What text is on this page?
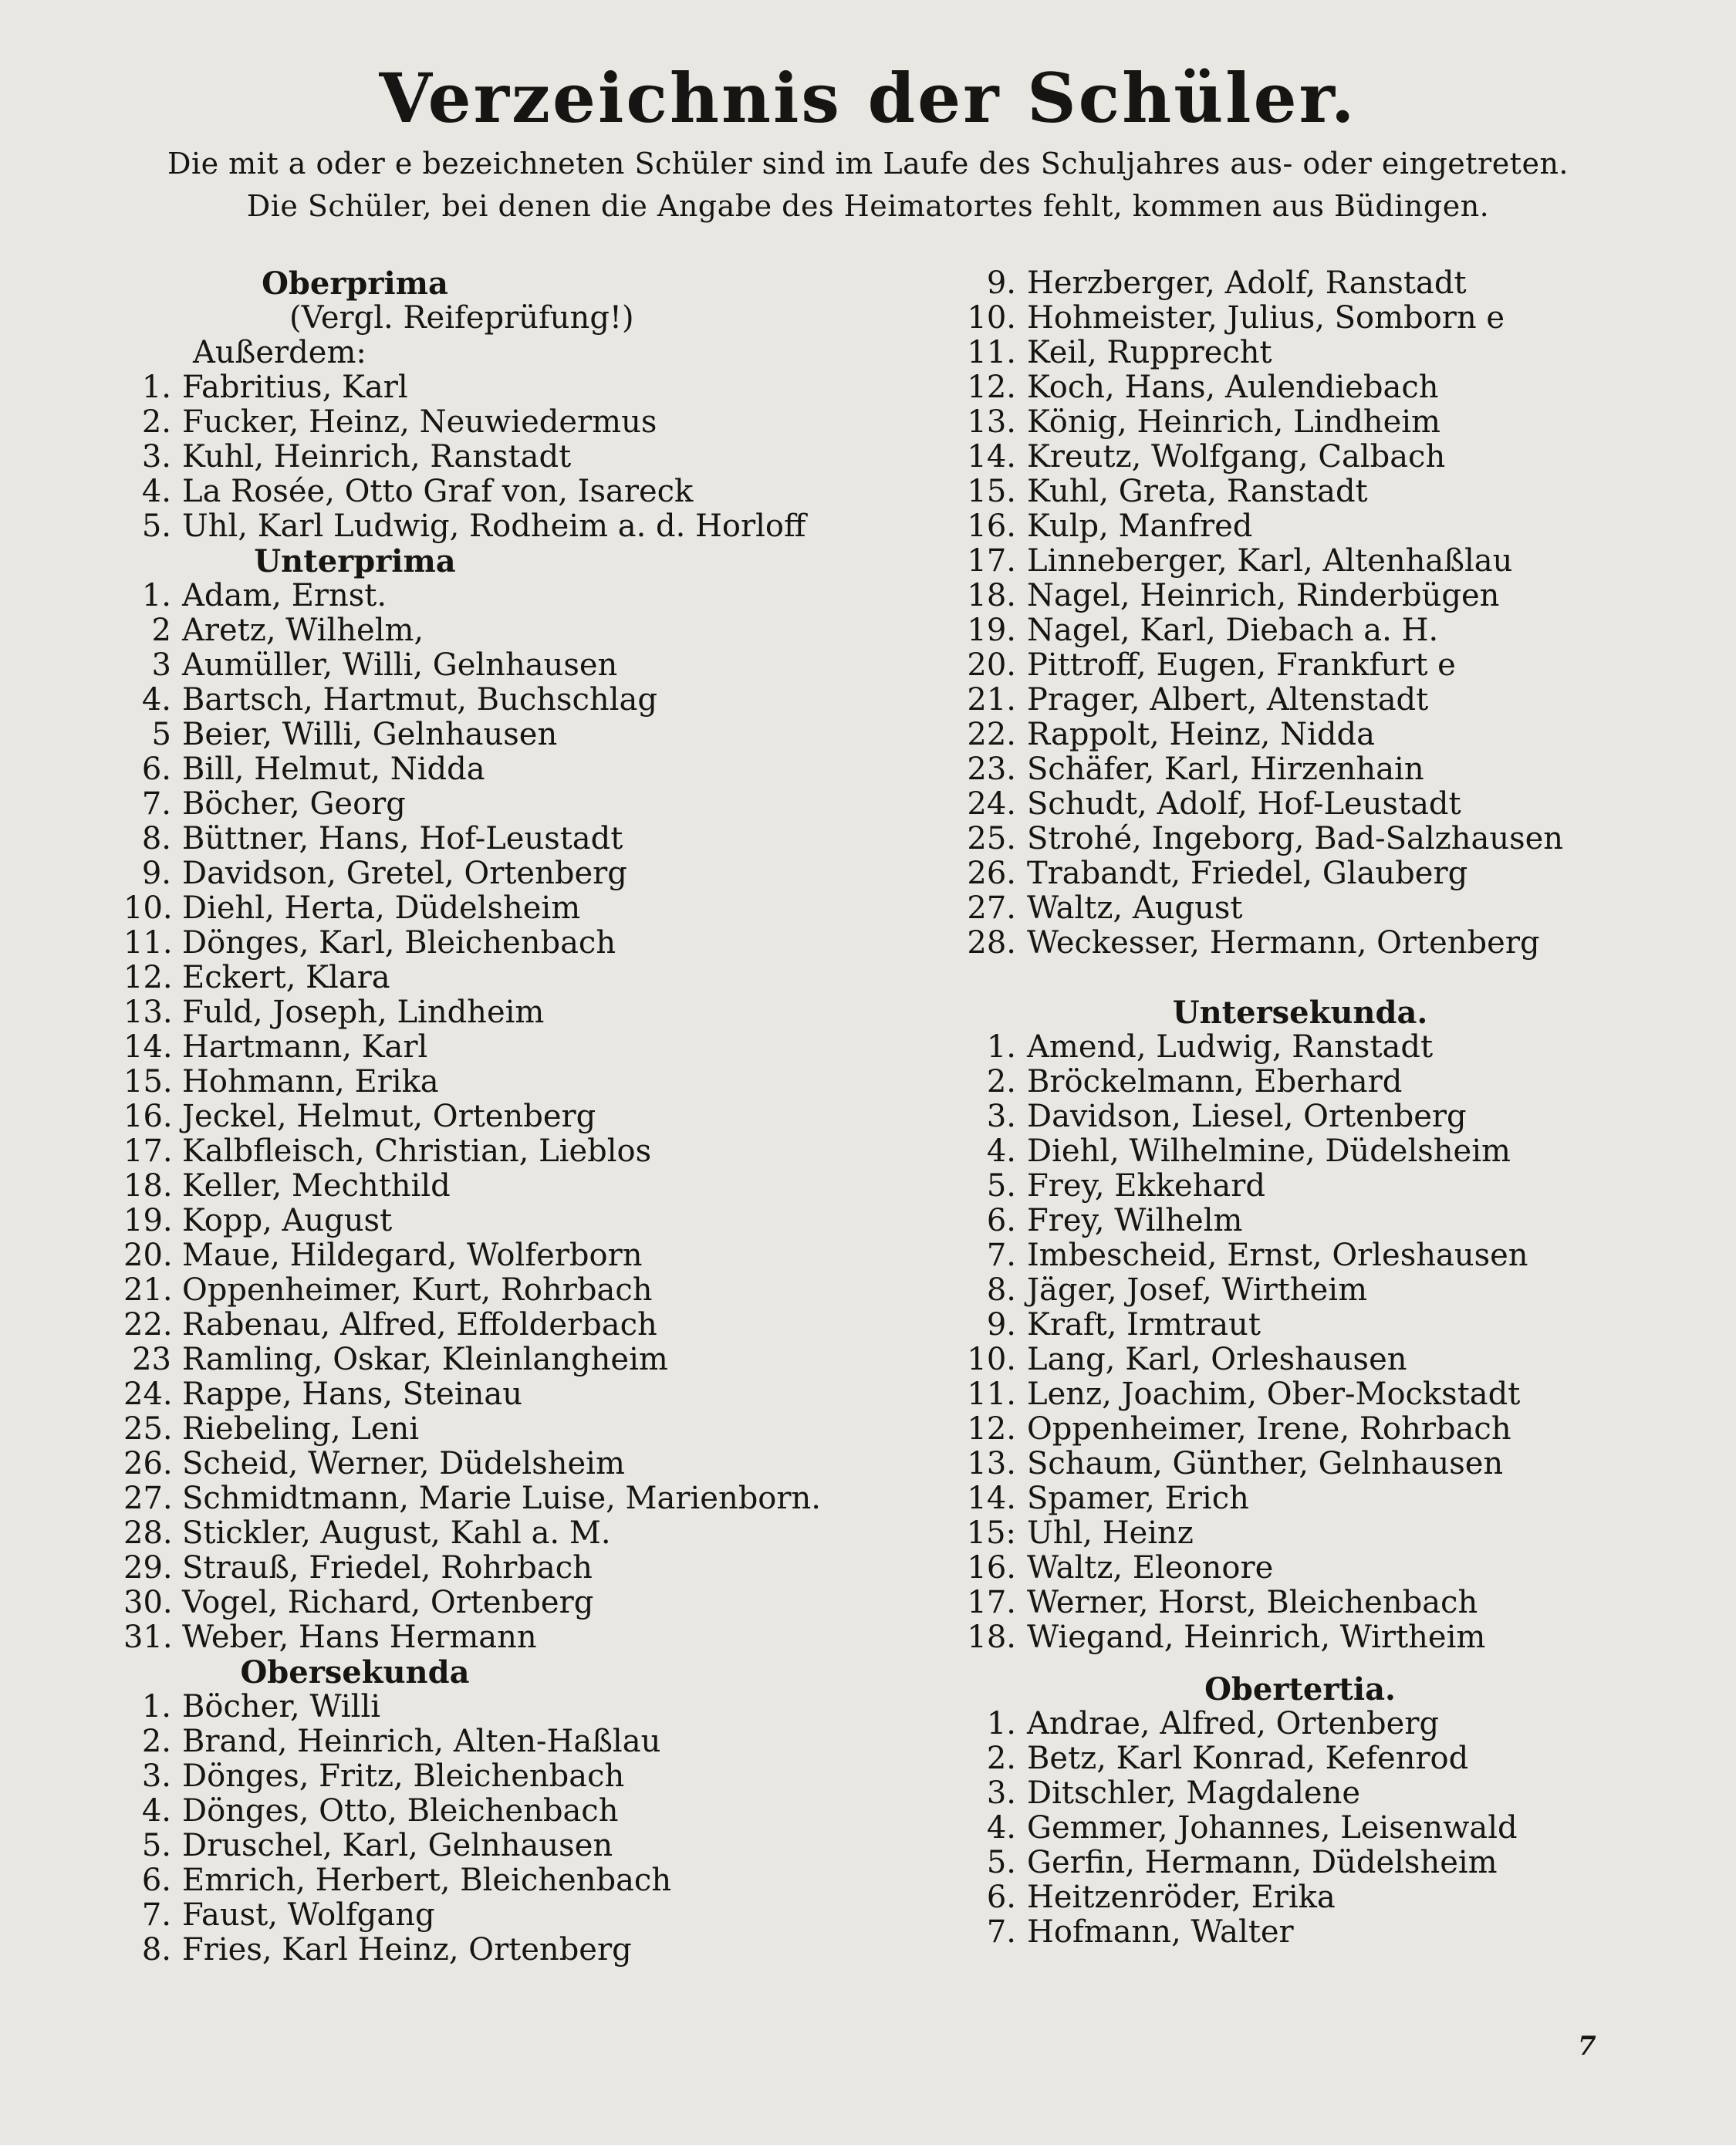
Verzeichnis der Schüler.
Die mit a oder e bezeichneten Schüler sind im Laufe des Schuljahres aus- oder eingetreten.
Die Schüler, bei denen die Angabe des Heimatortes fehlt, kommen aus Büdingen.
Oberprima
(Vergl. Reifeprüfung!)
Außerdem:
1. Fabritius, Karl
2. Fucker, Heinz, Neuwiedermus
3. Kuhl, Heinrich, Ranstadt
4. La Rosée, Otto Graf von, Isareck
5. Uhl, Karl Ludwig, Rodheim a. d. Horloff
Unterprima
1. Adam, Ernst.
2 Aretz, Wilhelm,
3 Aumüller, Willi, Gelnhausen
4. Bartsch, Hartmut, Buchschlag
5 Beier, Willi, Gelnhausen
6. Bill, Helmut, Nidda
7. Böcher, Georg
8. Büttner, Hans, Hof-Leustadt
9. Davidson, Gretel, Ortenberg
10. Diehl, Herta, Düdelsheim
11. Dönges, Karl, Bleichenbach
12. Eckert, Klara
13. Fuld, Joseph, Lindheim
14. Hartmann, Karl
15. Hohmann, Erika
16. Jeckel, Helmut, Ortenberg
17. Kalbfleisch, Christian, Lieblos
18. Keller, Mechthild
19. Kopp, August
20. Maue, Hildegard, Wolferborn
21. Oppenheimer, Kurt, Rohrbach
22. Rabenau, Alfred, Effolderbach
23 Ramling, Oskar, Kleinlangheim
24. Rappe, Hans, Steinau
25. Riebeling, Leni
26. Scheid, Werner, Düdelsheim
27. Schmidtmann, Marie Luise, Marienborn.
28. Stickler, August, Kahl a. M.
29. Strauß, Friedel, Rohrbach
30. Vogel, Richard, Ortenberg
31. Weber, Hans Hermann
Obersekunda
1. Böcher, Willi
2. Brand, Heinrich, Alten-Haßlau
3. Dönges, Fritz, Bleichenbach
4. Dönges, Otto, Bleichenbach
5. Druschel, Karl, Gelnhausen
6. Emrich, Herbert, Bleichenbach
7. Faust, Wolfgang
8. Fries, Karl Heinz, Ortenberg
9. Herzberger, Adolf, Ranstadt
10. Hohmeister, Julius, Somborn e
11. Keil, Rupprecht
12. Koch, Hans, Aulendiebach
13. König, Heinrich, Lindheim
14. Kreutz, Wolfgang, Calbach
15. Kuhl, Greta, Ranstadt
16. Kulp, Manfred
17. Linneberger, Karl, Altenhaßlau
18. Nagel, Heinrich, Rinderbügen
19. Nagel, Karl, Diebach a. H.
20. Pittroff, Eugen, Frankfurt e
21. Prager, Albert, Altenstadt
22. Rappolt, Heinz, Nidda
23. Schäfer, Karl, Hirzenhain
24. Schudt, Adolf, Hof-Leustadt
25. Strohé, Ingeborg, Bad-Salzhausen
26. Trabandt, Friedel, Glauberg
27. Waltz, August
28. Weckesser, Hermann, Ortenberg
Untersekunda.
1. Amend, Ludwig, Ranstadt
2. Bröckelmann, Eberhard
3. Davidson, Liesel, Ortenberg
4. Diehl, Wilhelmine, Düdelsheim
5. Frey, Ekkehard
6. Frey, Wilhelm
7. Imbescheid, Ernst, Orleshausen
8. Jäger, Josef, Wirtheim
9. Kraft, Irmtraut
10. Lang, Karl, Orleshausen
11. Lenz, Joachim, Ober-Mockstadt
12. Oppenheimer, Irene, Rohrbach
13. Schaum, Günther, Gelnhausen
14. Spamer, Erich
15: Uhl, Heinz
16. Waltz, Eleonore
17. Werner, Horst, Bleichenbach
18. Wiegand, Heinrich, Wirtheim
Obertertia.
1. Andrae, Alfred, Ortenberg
2. Betz, Karl Konrad, Kefenrod
3. Ditschler, Magdalene
4. Gemmer, Johannes, Leisenwald
5. Gerfin, Hermann, Düdelsheim
6. Heitzenröder, Erika
7. Hofmann, Walter
7
